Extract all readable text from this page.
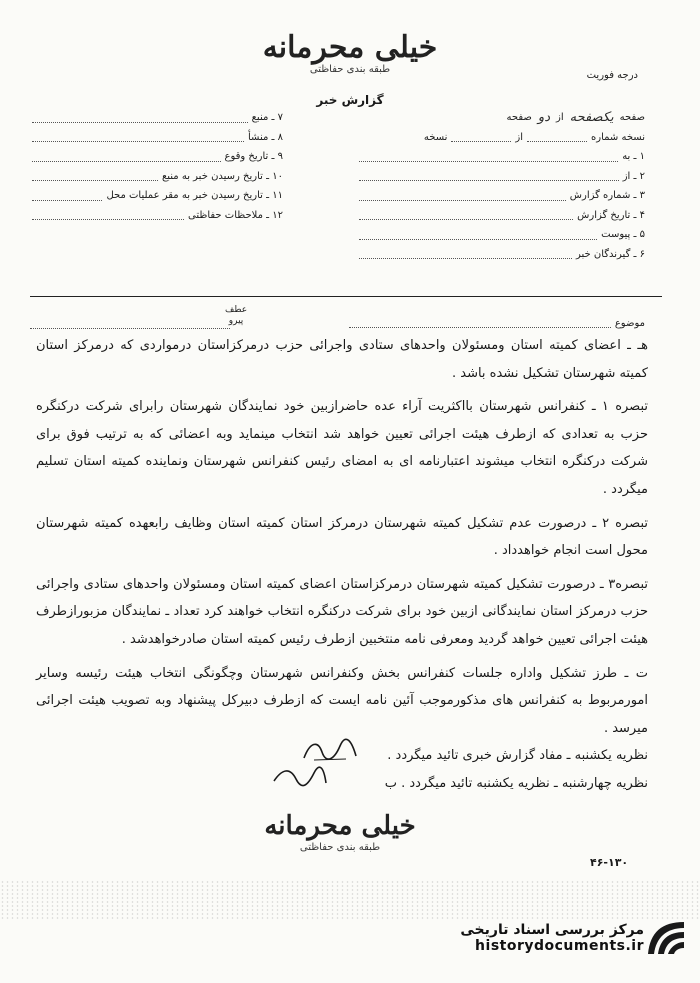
خیلی محرمانه
طبقه بندی حفاظتی
درجه فوریت
گزارش خبر
صفحه
یکصفحه
از
دو
صفحه
نسخه شماره
از
نسخه
۱ ـ به
۲ ـ از
۳ ـ شماره گزارش
۴ ـ تاریخ گزارش
۵ ـ پیوست
۶ ـ گیرندگان خبر
۷ ـ منبع
۸ ـ منشأ
۹ ـ تاریخ وقوع
۱۰ ـ تاریخ رسیدن خبر به منبع
۱۱ ـ تاریخ رسیدن خبر به مقر عملیات محل
۱۲ ـ ملاحظات حفاظتی
موضوع
عطف
پیرو

هـ ـ اعضای کمیته استان ومسئولان واحدهای ستادی واجرائی حزب درمرکزاستان درمواردی که درمرکز استان کمیته شهرستان تشکیل نشده باشد .

تبصره ۱ ـ کنفرانس شهرستان بااکثریت آراء عده حاضرازبین خود نمایندگان شهرستان رابرای شرکت درکنگره حزب به تعدادی که ازطرف هیئت اجرائی تعیین خواهد شد انتخاب مینماید وبه اعضائی که به ترتیب فوق برای شرکت درکنگره انتخاب میشوند اعتبارنامه ای به امضای رئیس کنفرانس شهرستان ونماینده کمیته استان تسلیم میگردد .

تبصره ۲ ـ درصورت عدم تشکیل کمیته شهرستان درمرکز استان کمیته استان وظایف رابعهده کمیته شهرستان محول است انجام خواهدداد .

تبصره۳ ـ درصورت تشکیل کمیته شهرستان درمرکزاستان اعضای کمیته استان ومسئولان واحدهای ستادی واجرائی حزب درمرکز استان نمایندگانی ازبین خود برای شرکت درکنگره انتخاب خواهند کرد تعداد ـ نمایندگان مزبورازطرف هیئت اجرائی تعیین خواهد گردید ومعرفی نامه منتخبین ازطرف رئیس کمیته استان صادرخواهدشد .

ت ـ طرز تشکیل واداره جلسات کنفرانس بخش وکنفرانس شهرستان وچگونگی انتخاب هیئت رئیسه وسایر امورمربوط به کنفرانس های مذکورموجب آئین نامه ایست که ازطرف دبیرکل پیشنهاد وبه تصویب هیئت اجرائی میرسد .

نظریه یکشنبه ـ مفاد گزارش خبری تائید میگردد .

نظریه چهارشنبه ـ نظریه یکشنبه تائید میگردد . ب

خیلی محرمانه
طبقه بندی حفاظتی
۴۶-۱۳۰
مرکز بررسی اسناد تاریخی
historydocuments.ir
